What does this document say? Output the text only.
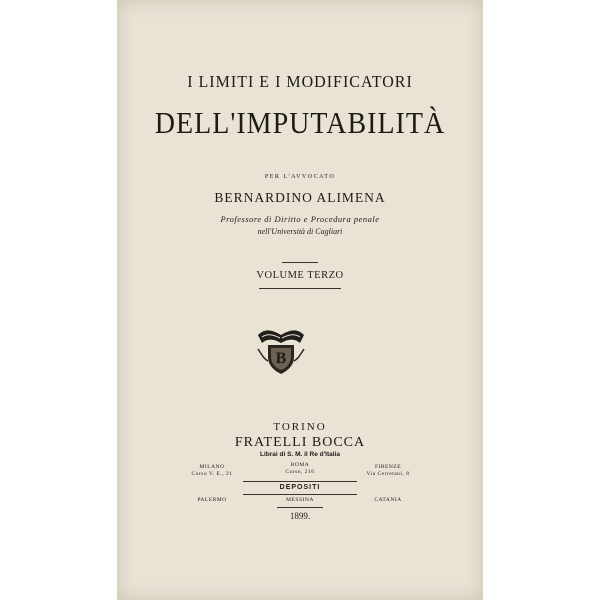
I LIMITI E I MODIFICATORI
DELL'IMPUTABILITÀ
PER L'AVVOCATO
BERNARDINO ALIMENA
Professore di Diritto e Procedura penale
nell'Università di Cagliari
VOLUME TERZO
B
TORINO
FRATELLI BOCCA
Librai di S. M. il Re d'Italia
MILANO
Corso V. E., 21
ROMA
Corso, 216
FIRENZE
Via Cerretani, 8
DEPOSITI
PALERMO	MESSINA	CATANIA
1899.
